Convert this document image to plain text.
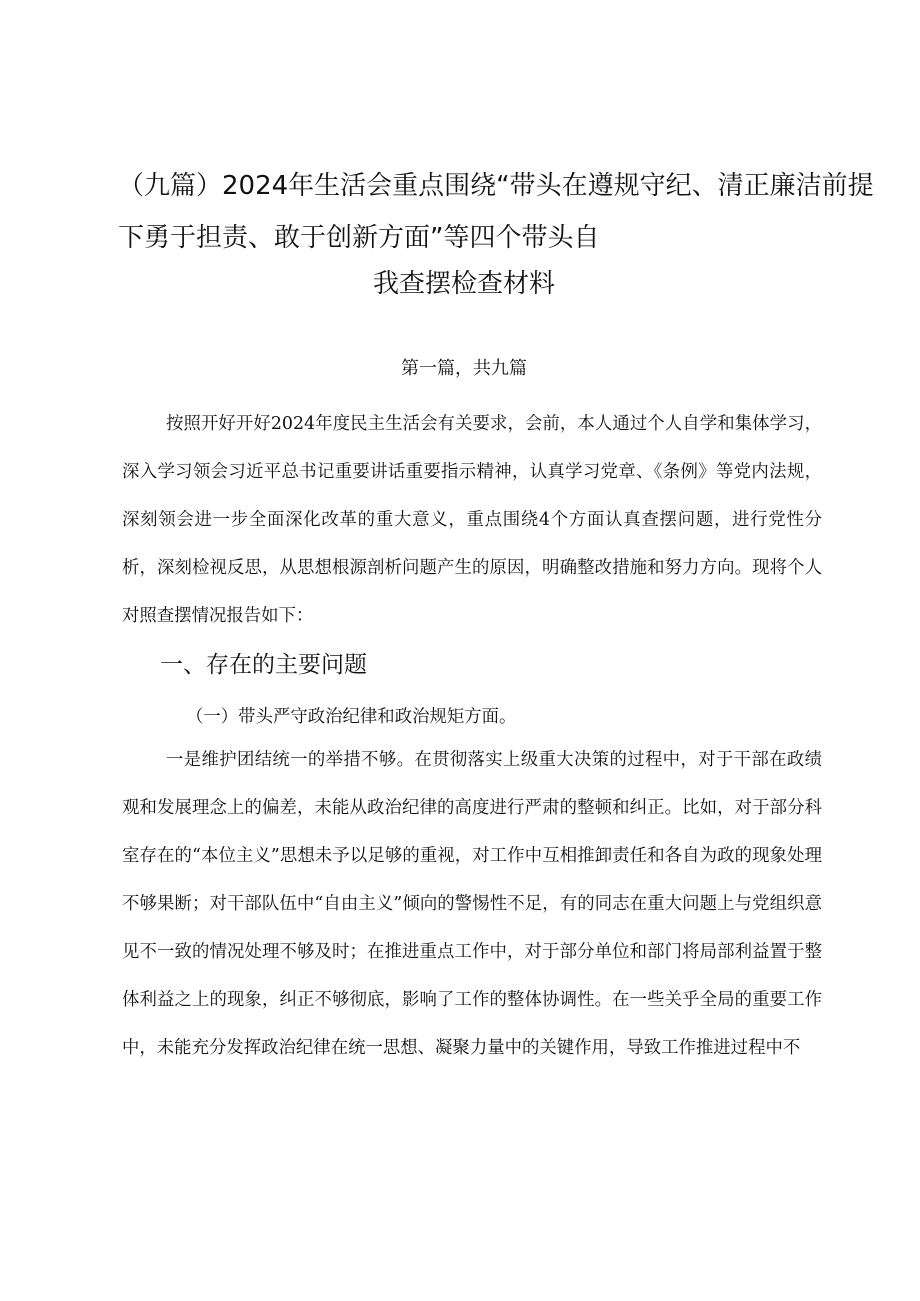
（九篇）2024年生活会重点围绕“带头在遵规守纪、清正廉洁前提
下勇于担责、敢于创新方面”等四个带头自
我查摆检查材料
第一篇，共九篇
按照开好开好2024年度民主生活会有关要求，会前，本人通过个人自学和集体学习，深入学习领会习近平总书记重要讲话重要指示精神，认真学习党章、《条例》等党内法规，深刻领会进一步全面深化改革的重大意义，重点围绕4个方面认真查摆问题，进行党性分析，深刻检视反思，从思想根源剖析问题产生的原因，明确整改措施和努力方向。现将个人对照查摆情况报告如下：
一、存在的主要问题
（一）带头严守政治纪律和政治规矩方面。
一是维护团结统一的举措不够。在贯彻落实上级重大决策的过程中，对于干部在政绩观和发展理念上的偏差，未能从政治纪律的高度进行严肃的整顿和纠正。比如，对于部分科室存在的“本位主义”思想未予以足够的重视，对工作中互相推卸责任和各自为政的现象处理不够果断；对干部队伍中“自由主义”倾向的警惕性不足，有的同志在重大问题上与党组织意见不一致的情况处理不够及时；在推进重点工作中，对于部分单位和部门将局部利益置于整体利益之上的现象，纠正不够彻底，影响了工作的整体协调性。在一些关乎全局的重要工作中，未能充分发挥政治纪律在统一思想、凝聚力量中的关键作用，导致工作推进过程中不
